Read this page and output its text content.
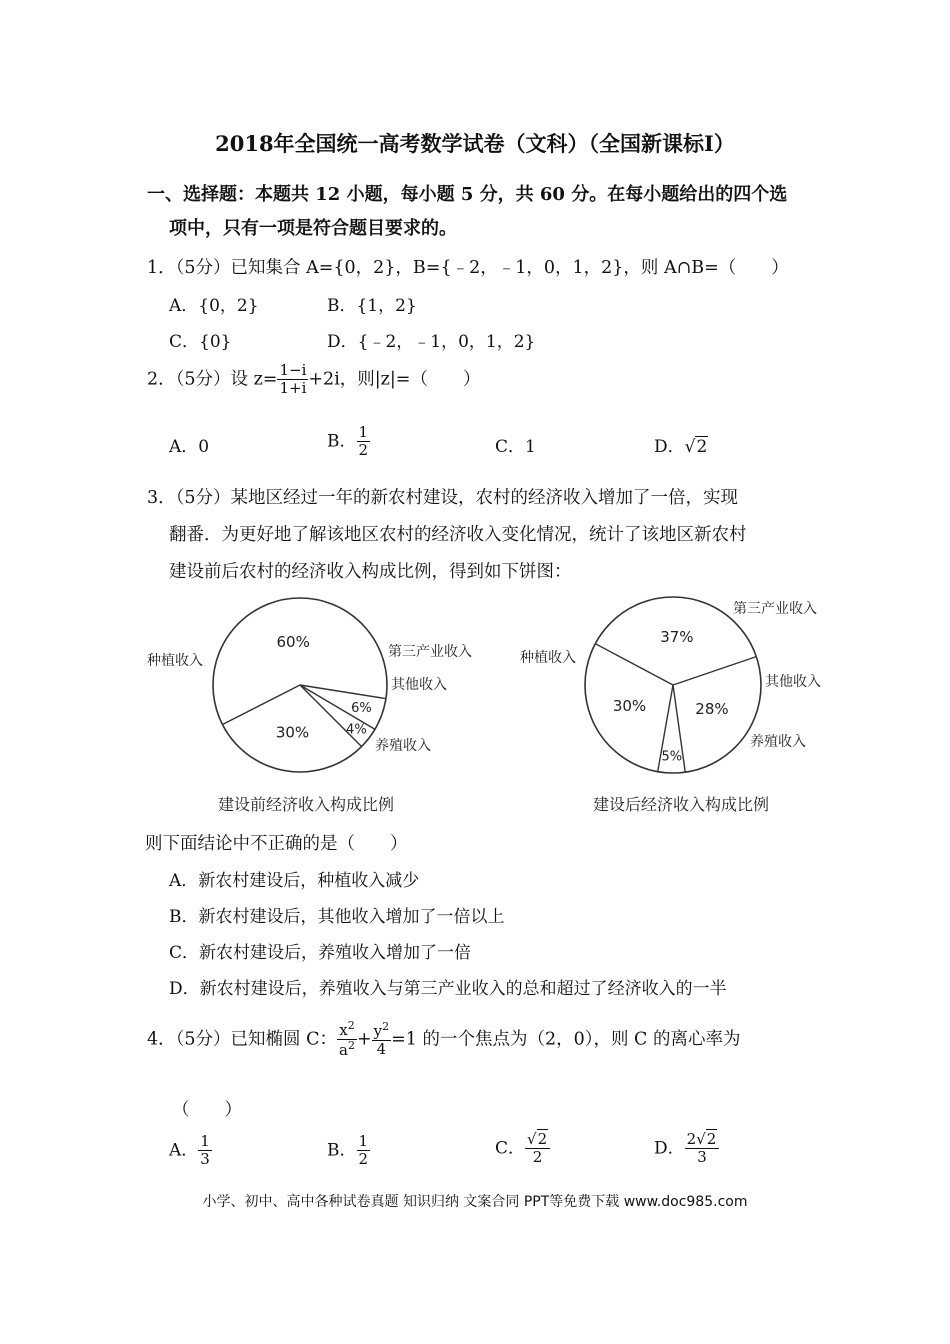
2018年全国统一高考数学试卷（文科）（全国新课标I）
一、选择题：本题共 12 小题，每小题 5 分，共 60 分。在每小题给出的四个选
项中，只有一项是符合题目要求的。
1．（5分）已知集合 A={0，2}，B={﹣2，﹣1，0，1，2}，则 A∩B=（　　）
A．{0，2}	B．{1，2}
C．{0}	D．{﹣2，﹣1，0，1，2}
2．（5分）设 $z= \frac{1-i}{1+i} +2i$，则|z|=（　　）
A．0	B． $\frac{1}{2}$	C．1	D．√2
3．（5分）某地区经过一年的新农村建设，农村的经济收入增加了一倍，实现
翻番．为更好地了解该地区农村的经济收入变化情况，统计了该地区新农村
建设前后农村的经济收入构成比例，得到如下饼图：
60%
种植收入
6%
第三产业收入
4%
其他收入
30%
养殖收入
建设前经济收入构成比例
37%
种植收入
28%
第三产业收入
5%
其他收入
30%
养殖收入
建设后经济收入构成比例
则下面结论中不正确的是（　　）
A．新农村建设后，种植收入减少
B．新农村建设后，其他收入增加了一倍以上
C．新农村建设后，养殖收入增加了一倍
D．新农村建设后，养殖收入与第三产业收入的总和超过了经济收入的一半
4．（5分）已知椭圆 C： $\frac{x^2}{a^2} + \frac{y^2}{4} =1$ 的一个焦点为（2，0），则 C 的离心率为
（　　）
A． $\frac{1}{3}$	B． $\frac{1}{2}$	C． $\frac{√2}{2}$	D． $\frac{2√2}{3}$
小学、初中、高中各种试卷真题 知识归纳 文案合同 PPT等免费下载 www.doc985.com
